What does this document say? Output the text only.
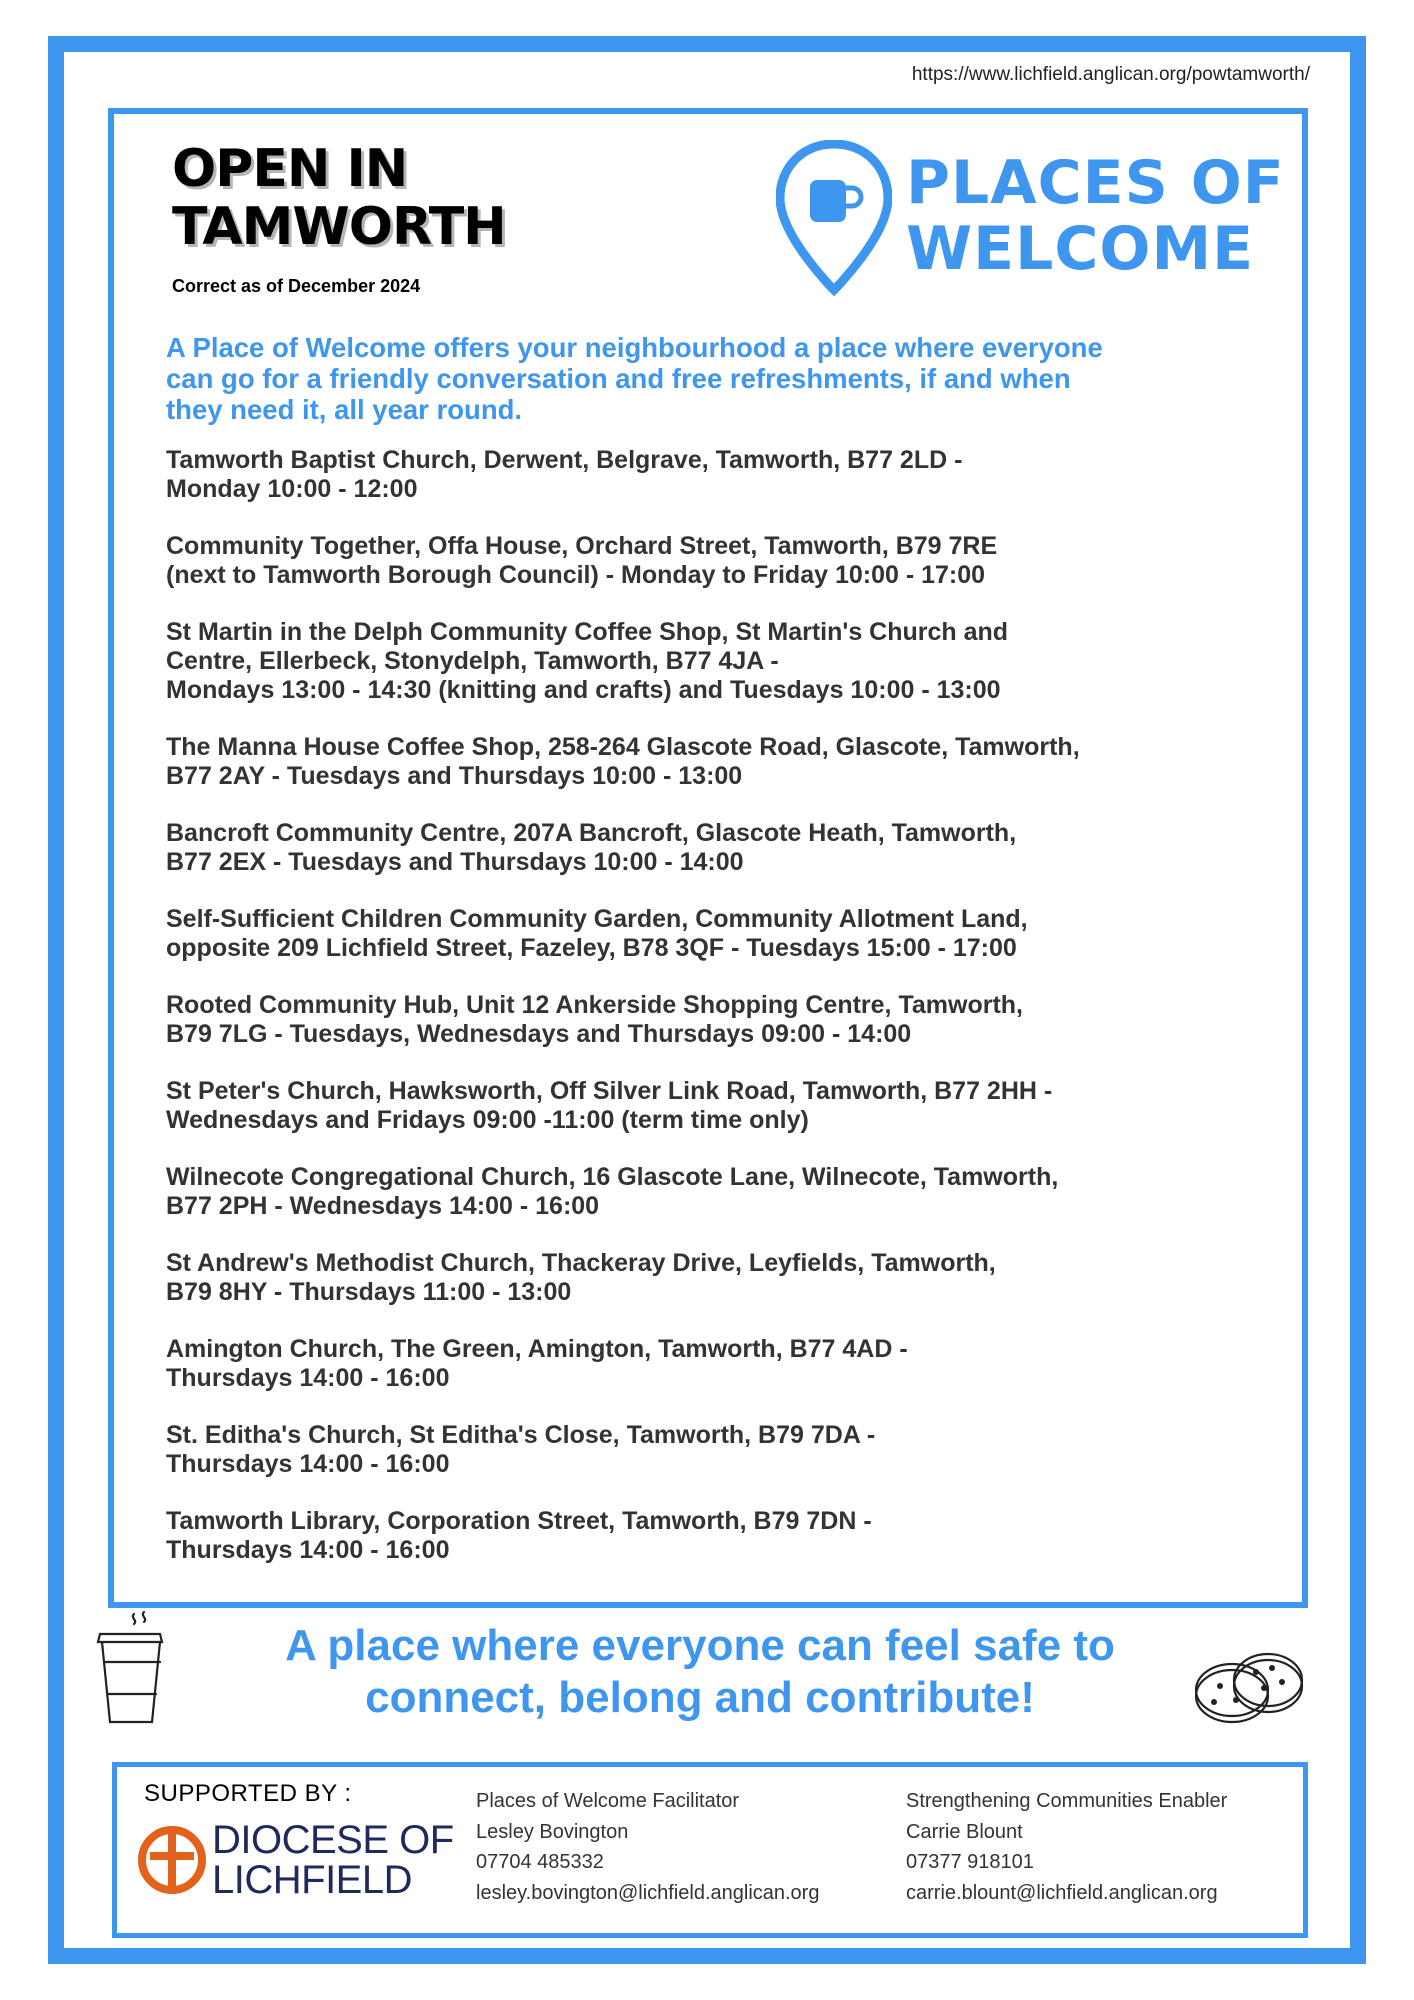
https://www.lichfield.anglican.org/powtamworth/
OPEN IN
TAMWORTH
Correct as of December 2024
PLACES OF
WELCOME
A Place of Welcome offers your neighbourhood a place where everyone
can go for a friendly conversation and free refreshments, if and when
they need it, all year round.
Tamworth Baptist Church, Derwent, Belgrave, Tamworth, B77 2LD -
Monday 10:00 - 12:00
Community Together, Offa House, Orchard Street, Tamworth, B79 7RE
(next to Tamworth Borough Council) - Monday to Friday 10:00 - 17:00
St Martin in the Delph Community Coffee Shop, St Martin's Church and
Centre, Ellerbeck, Stonydelph, Tamworth, B77 4JA -
Mondays 13:00 - 14:30 (knitting and crafts) and Tuesdays 10:00 - 13:00
The Manna House Coffee Shop, 258-264 Glascote Road, Glascote, Tamworth,
B77 2AY - Tuesdays and Thursdays 10:00 - 13:00
Bancroft Community Centre, 207A Bancroft, Glascote Heath, Tamworth,
B77 2EX - Tuesdays and Thursdays 10:00 - 14:00
Self-Sufficient Children Community Garden, Community Allotment Land,
opposite 209 Lichfield Street, Fazeley, B78 3QF - Tuesdays 15:00 - 17:00
Rooted Community Hub, Unit 12 Ankerside Shopping Centre, Tamworth,
B79 7LG - Tuesdays, Wednesdays and Thursdays 09:00 - 14:00
St Peter's Church, Hawksworth, Off Silver Link Road, Tamworth, B77 2HH -
Wednesdays and Fridays 09:00 -11:00 (term time only)
Wilnecote Congregational Church, 16 Glascote Lane, Wilnecote, Tamworth,
B77 2PH - Wednesdays 14:00 - 16:00
St Andrew's Methodist Church, Thackeray Drive, Leyfields, Tamworth,
B79 8HY - Thursdays 11:00 - 13:00
Amington Church, The Green, Amington, Tamworth, B77 4AD -
Thursdays 14:00 - 16:00
St. Editha's Church, St Editha's Close, Tamworth, B79 7DA -
Thursdays 14:00 - 16:00
Tamworth Library, Corporation Street, Tamworth, B79 7DN -
Thursdays 14:00 - 16:00
A place where everyone can feel safe to
connect, belong and contribute!
SUPPORTED BY :
DIOCESE OF
LICHFIELD
Places of Welcome Facilitator
Lesley Bovington
07704 485332
lesley.bovington@lichfield.anglican.org
Strengthening Communities Enabler
Carrie Blount
07377 918101
carrie.blount@lichfield.anglican.org
